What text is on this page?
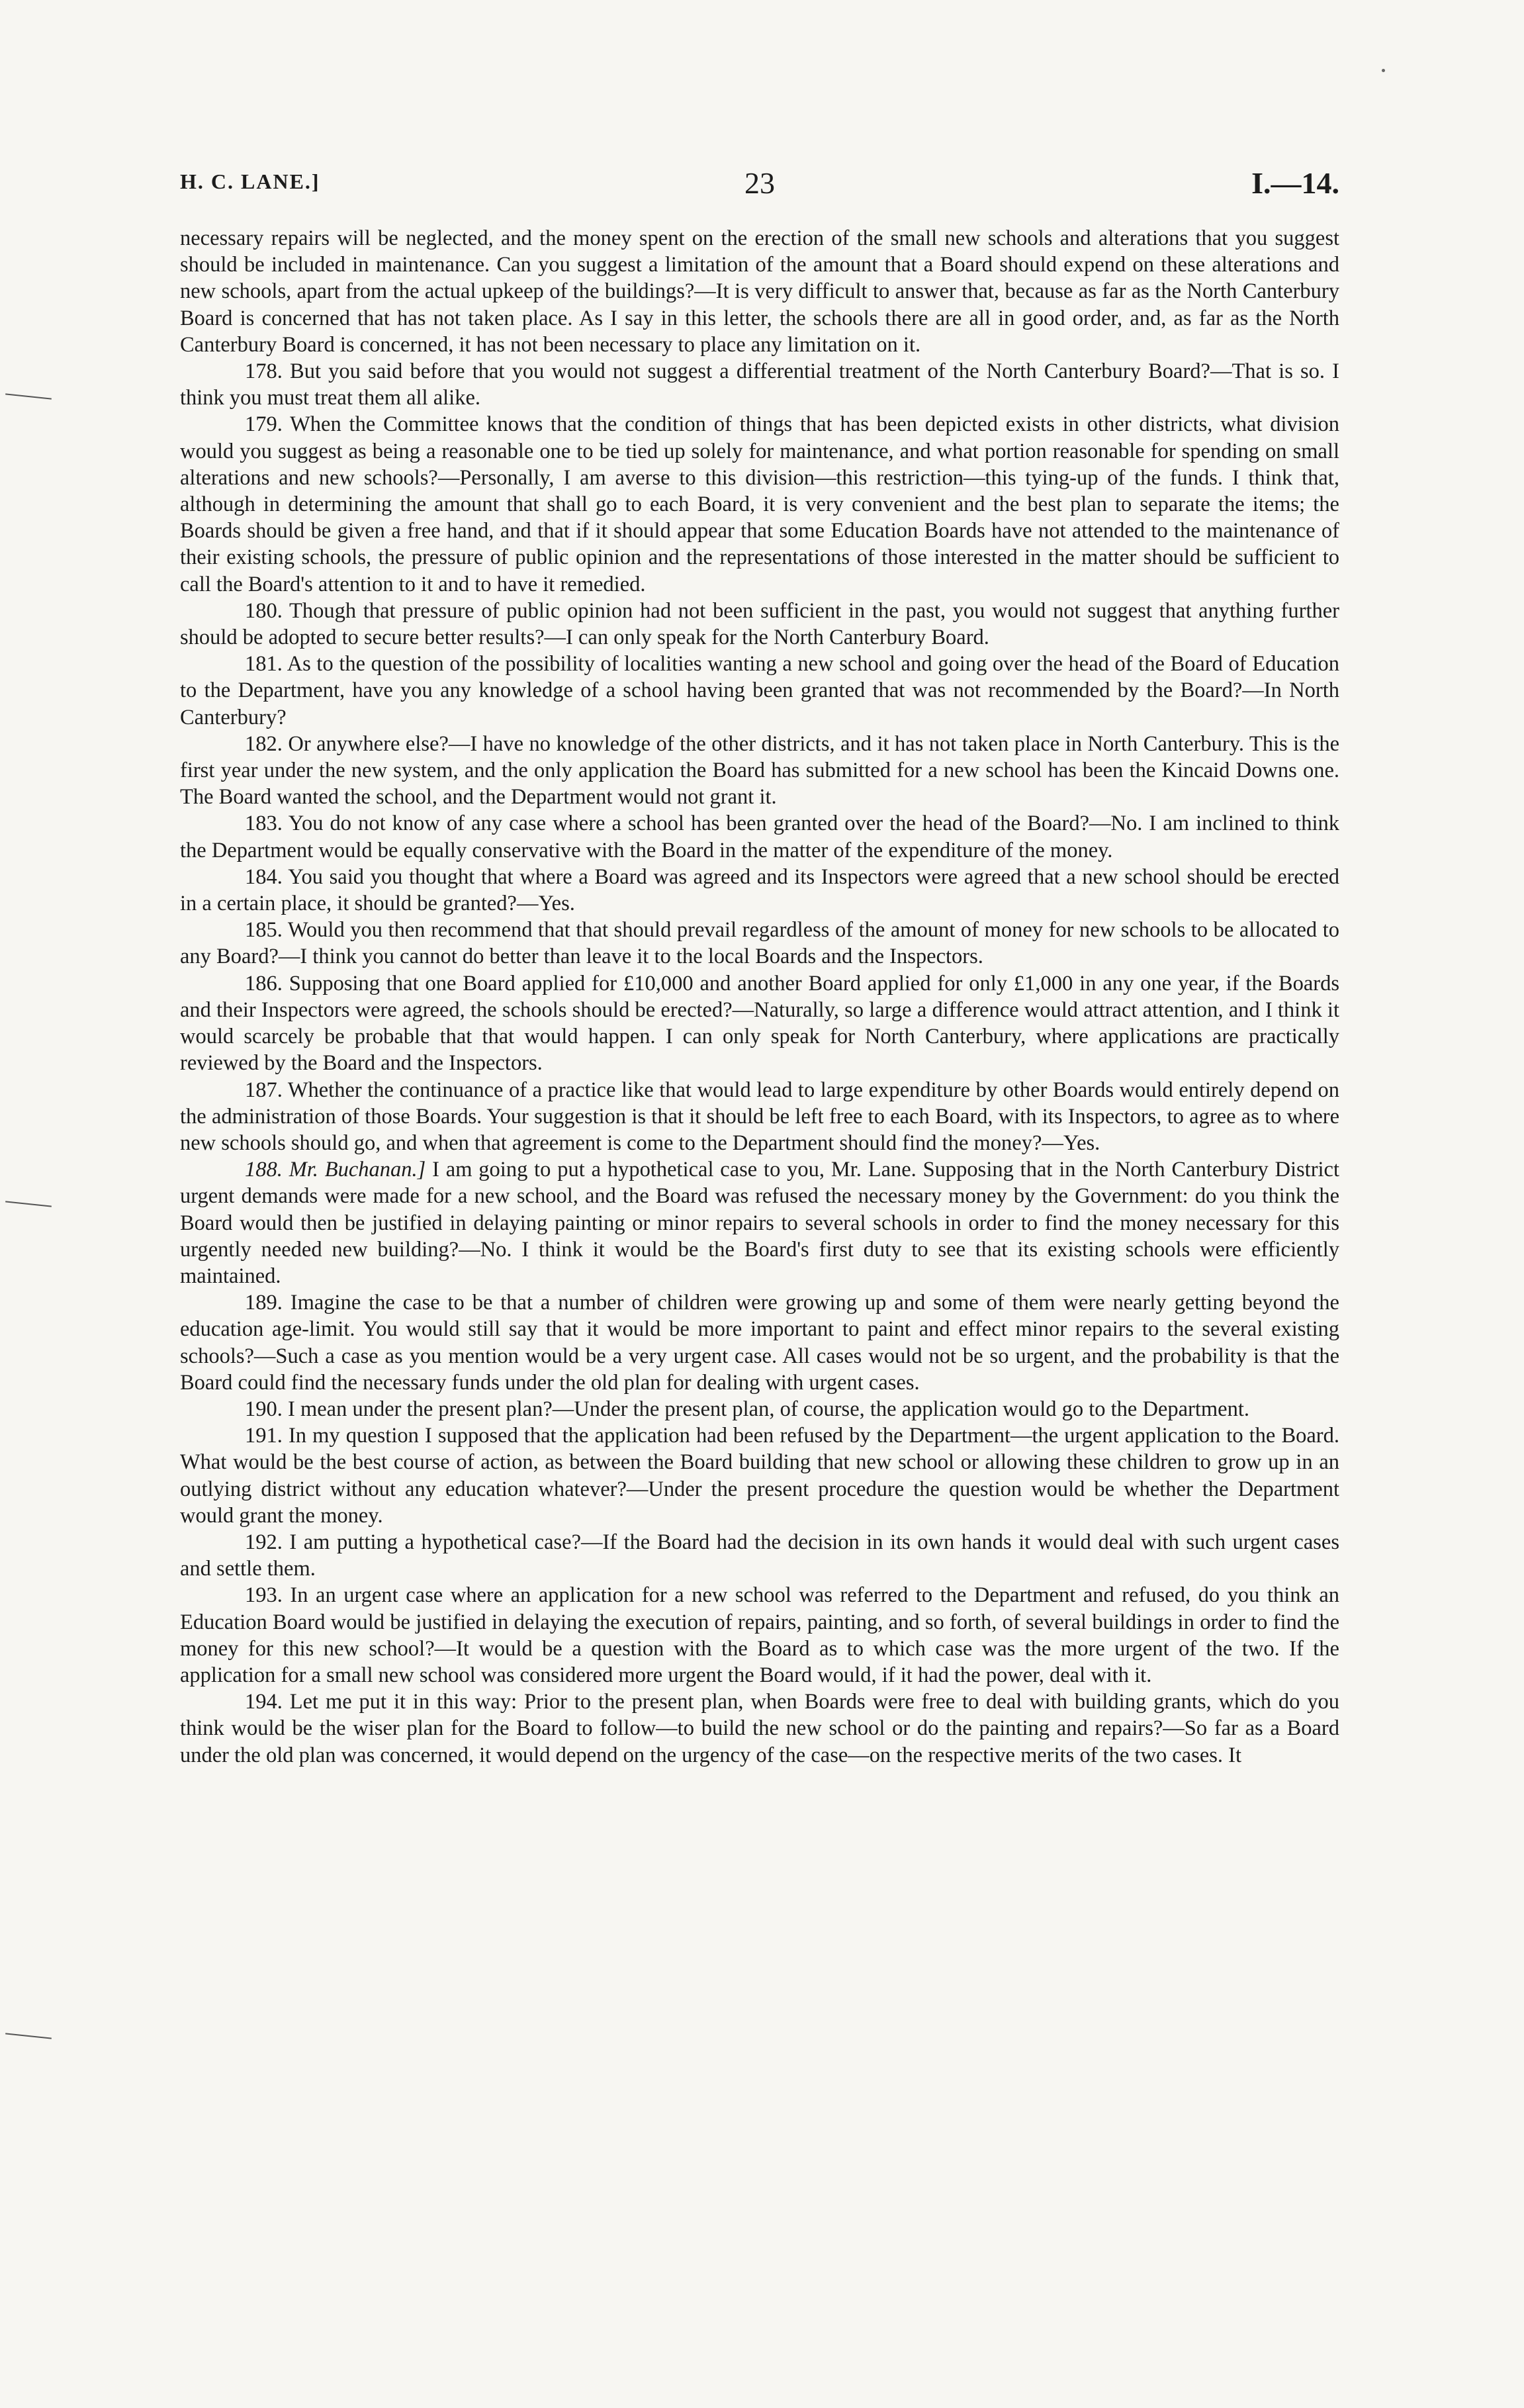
H. C. LANE.]	23	I.—14.

necessary repairs will be neglected, and the money spent on the erection of the small new schools and alterations that you suggest should be included in maintenance. Can you suggest a limitation of the amount that a Board should expend on these alterations and new schools, apart from the actual upkeep of the buildings?—It is very difficult to answer that, because as far as the North Canterbury Board is concerned that has not taken place. As I say in this letter, the schools there are all in good order, and, as far as the North Canterbury Board is concerned, it has not been necessary to place any limitation on it.

178. But you said before that you would not suggest a differential treatment of the North Canterbury Board?—That is so. I think you must treat them all alike.

179. When the Committee knows that the condition of things that has been depicted exists in other districts, what division would you suggest as being a reasonable one to be tied up solely for maintenance, and what portion reasonable for spending on small alterations and new schools?—Personally, I am averse to this division—this restriction—this tying-up of the funds. I think that, although in determining the amount that shall go to each Board, it is very convenient and the best plan to separate the items; the Boards should be given a free hand, and that if it should appear that some Education Boards have not attended to the maintenance of their existing schools, the pressure of public opinion and the representations of those interested in the matter should be sufficient to call the Board's attention to it and to have it remedied.

180. Though that pressure of public opinion had not been sufficient in the past, you would not suggest that anything further should be adopted to secure better results?—I can only speak for the North Canterbury Board.

181. As to the question of the possibility of localities wanting a new school and going over the head of the Board of Education to the Department, have you any knowledge of a school having been granted that was not recommended by the Board?—In North Canterbury?

182. Or anywhere else?—I have no knowledge of the other districts, and it has not taken place in North Canterbury. This is the first year under the new system, and the only application the Board has submitted for a new school has been the Kincaid Downs one. The Board wanted the school, and the Department would not grant it.

183. You do not know of any case where a school has been granted over the head of the Board?—No. I am inclined to think the Department would be equally conservative with the Board in the matter of the expenditure of the money.

184. You said you thought that where a Board was agreed and its Inspectors were agreed that a new school should be erected in a certain place, it should be granted?—Yes.

185. Would you then recommend that that should prevail regardless of the amount of money for new schools to be allocated to any Board?—I think you cannot do better than leave it to the local Boards and the Inspectors.

186. Supposing that one Board applied for £10,000 and another Board applied for only £1,000 in any one year, if the Boards and their Inspectors were agreed, the schools should be erected?—Naturally, so large a difference would attract attention, and I think it would scarcely be probable that that would happen. I can only speak for North Canterbury, where applications are practically reviewed by the Board and the Inspectors.

187. Whether the continuance of a practice like that would lead to large expenditure by other Boards would entirely depend on the administration of those Boards. Your suggestion is that it should be left free to each Board, with its Inspectors, to agree as to where new schools should go, and when that agreement is come to the Department should find the money?—Yes.

188. Mr. Buchanan.] I am going to put a hypothetical case to you, Mr. Lane. Supposing that in the North Canterbury District urgent demands were made for a new school, and the Board was refused the necessary money by the Government: do you think the Board would then be justified in delaying painting or minor repairs to several schools in order to find the money necessary for this urgently needed new building?—No. I think it would be the Board's first duty to see that its existing schools were efficiently maintained.

189. Imagine the case to be that a number of children were growing up and some of them were nearly getting beyond the education age-limit. You would still say that it would be more important to paint and effect minor repairs to the several existing schools?—Such a case as you mention would be a very urgent case. All cases would not be so urgent, and the probability is that the Board could find the necessary funds under the old plan for dealing with urgent cases.

190. I mean under the present plan?—Under the present plan, of course, the application would go to the Department.

191. In my question I supposed that the application had been refused by the Department—the urgent application to the Board. What would be the best course of action, as between the Board building that new school or allowing these children to grow up in an outlying district without any education whatever?—Under the present procedure the question would be whether the Department would grant the money.

192. I am putting a hypothetical case?—If the Board had the decision in its own hands it would deal with such urgent cases and settle them.

193. In an urgent case where an application for a new school was referred to the Department and refused, do you think an Education Board would be justified in delaying the execution of repairs, painting, and so forth, of several buildings in order to find the money for this new school?—It would be a question with the Board as to which case was the more urgent of the two. If the application for a small new school was considered more urgent the Board would, if it had the power, deal with it.

194. Let me put it in this way: Prior to the present plan, when Boards were free to deal with building grants, which do you think would be the wiser plan for the Board to follow—to build the new school or do the painting and repairs?—So far as a Board under the old plan was concerned, it would depend on the urgency of the case—on the respective merits of the two cases. It
